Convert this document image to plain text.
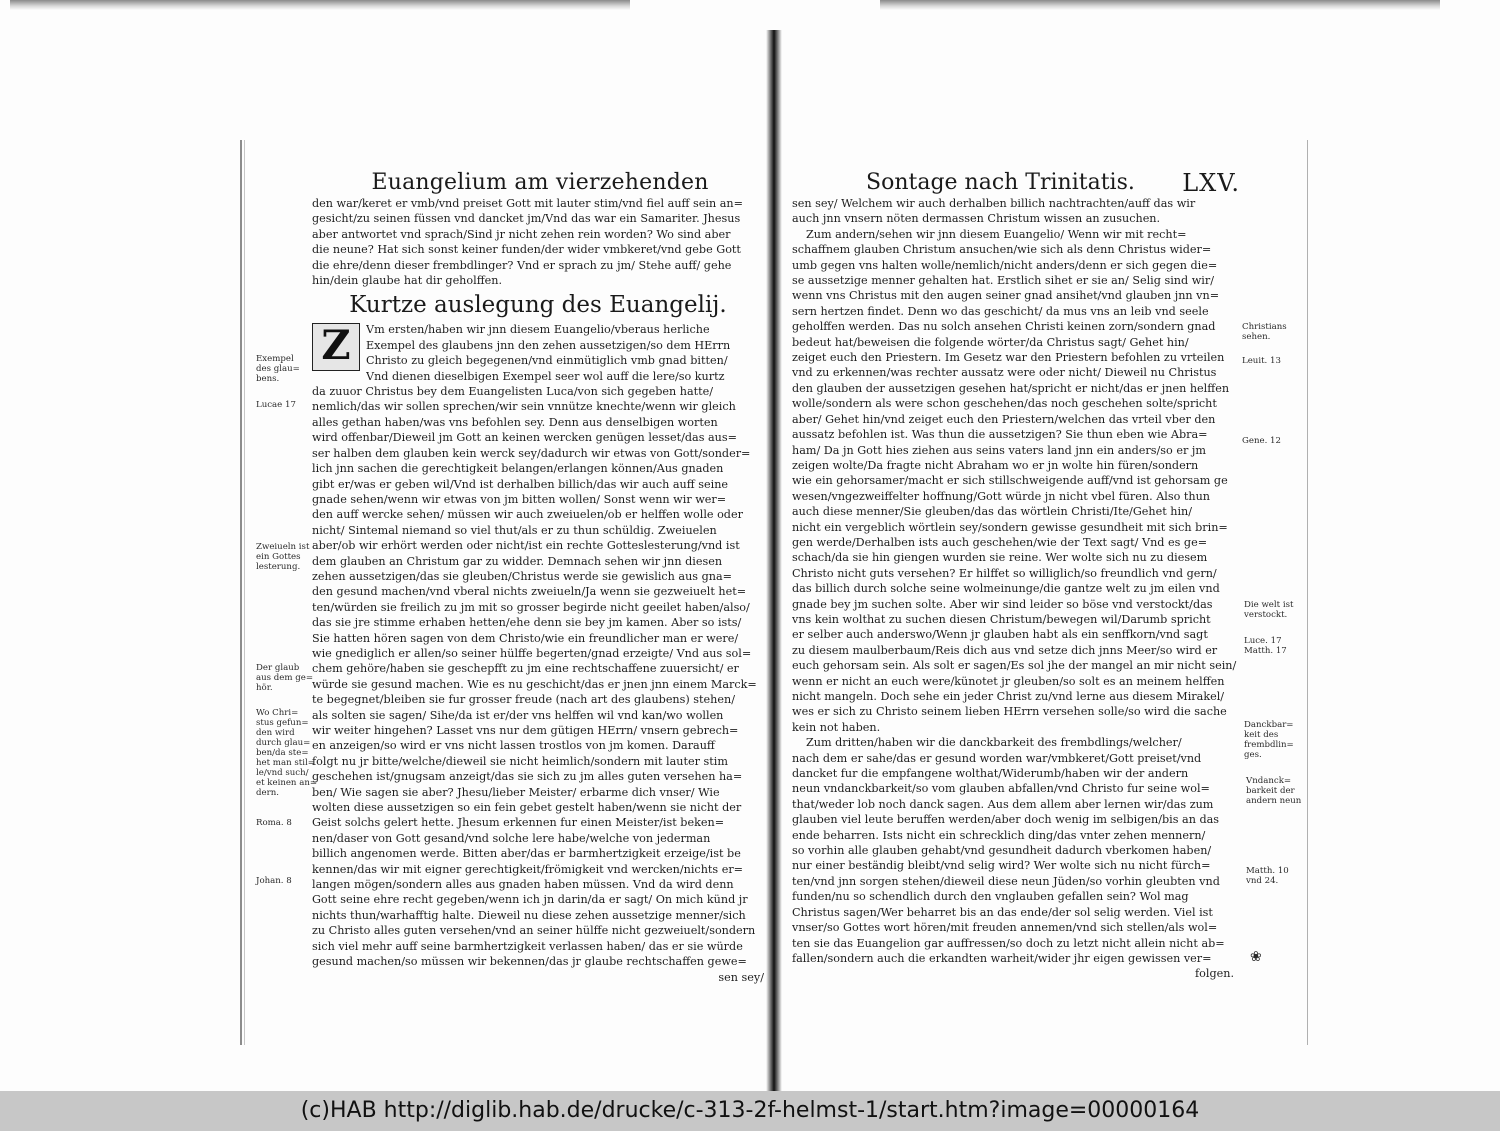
Euangelium am vierzehenden
den war/keret er vmb/vnd preiset Gott mit lauter stim/vnd fiel auff sein an=
gesicht/zu seinen füssen vnd dancket jm/Vnd das war ein Samariter. Jhesus
aber antwortet vnd sprach/Sind jr nicht zehen rein worden? Wo sind aber
die neune? Hat sich sonst keiner funden/der wider vmbkeret/vnd gebe Gott
die ehre/denn dieser frembdlinger? Vnd er sprach zu jm/ Stehe auff/ gehe
hin/dein glaube hat dir geholffen.
Kurtze auslegung des Euangelij.
Z	Vm ersten/haben wir jnn diesem Euangelio/vberaus herliche
Exempel des glaubens jnn den zehen aussetzigen/so dem HErrn
Christo zu gleich begegenen/vnd einmütiglich vmb gnad bitten/
Vnd dienen dieselbigen Exempel seer wol auff die lere/so kurtz
da zuuor Christus bey dem Euangelisten Luca/von sich gegeben hatte/
nemlich/das wir sollen sprechen/wir sein vnnütze knechte/wenn wir gleich
alles gethan haben/was vns befohlen sey. Denn aus denselbigen worten
wird offenbar/Dieweil jm Gott an keinen wercken genügen lesset/das aus=
ser halben dem glauben kein werck sey/dadurch wir etwas von Gott/sonder=
lich jnn sachen die gerechtigkeit belangen/erlangen können/Aus gnaden
gibt er/was er geben wil/Vnd ist derhalben billich/das wir auch auff seine
gnade sehen/wenn wir etwas von jm bitten wollen/ Sonst wenn wir wer=
den auff wercke sehen/ müssen wir auch zweiuelen/ob er helffen wolle oder
nicht/ Sintemal niemand so viel thut/als er zu thun schüldig. Zweiuelen
aber/ob wir erhört werden oder nicht/ist ein rechte Gotteslesterung/vnd ist
dem glauben an Christum gar zu widder. Demnach sehen wir jnn diesen
zehen aussetzigen/das sie gleuben/Christus werde sie gewislich aus gna=
den gesund machen/vnd vberal nichts zweiueln/Ja wenn sie gezweiuelt het=
ten/würden sie freilich zu jm mit so grosser begirde nicht geeilet haben/also/
das sie jre stimme erhaben hetten/ehe denn sie bey jm kamen. Aber so ists/
Sie hatten hören sagen von dem Christo/wie ein freundlicher man er were/
wie gnediglich er allen/so seiner hülffe begerten/gnad erzeigte/ Vnd aus sol=
chem gehöre/haben sie geschepfft zu jm eine rechtschaffene zuuersicht/ er
würde sie gesund machen. Wie es nu geschicht/das er jnen jnn einem Marck=
te begegnet/bleiben sie fur grosser freude (nach art des glaubens) stehen/
als solten sie sagen/ Sihe/da ist er/der vns helffen wil vnd kan/wo wollen
wir weiter hingehen? Lasset vns nur dem gütigen HErrn/ vnsern gebrech=
en anzeigen/so wird er vns nicht lassen trostlos von jm komen. Darauff
folgt nu jr bitte/welche/dieweil sie nicht heimlich/sondern mit lauter stim
geschehen ist/gnugsam anzeigt/das sie sich zu jm alles guten versehen ha=
ben/ Wie sagen sie aber? Jhesu/lieber Meister/ erbarme dich vnser/ Wie
wolten diese aussetzigen so ein fein gebet gestelt haben/wenn sie nicht der
Geist solchs gelert hette. Jhesum erkennen fur einen Meister/ist beken=
nen/daser von Gott gesand/vnd solche lere habe/welche von jederman
billich angenomen werde. Bitten aber/das er barmhertzigkeit erzeige/ist be
kennen/das wir mit eigner gerechtigkeit/frömigkeit vnd wercken/nichts er=
langen mögen/sondern alles aus gnaden haben müssen. Vnd da wird denn
Gott seine ehre recht gegeben/wenn ich jn darin/da er sagt/ On mich künd jr
nichts thun/warhafftig halte. Dieweil nu diese zehen aussetzige menner/sich
zu Christo alles guten versehen/vnd an seiner hülffe nicht gezweiuelt/sondern
sich viel mehr auff seine barmhertzigkeit verlassen haben/ das er sie würde
gesund machen/so müssen wir bekennen/das jr glaube rechtschaffen gewe=
sen sey/
Exempel
des glau=
bens.
Lucae 17
Zweiueln ist
ein Gottes
lesterung.
Der glaub
aus dem ge=
hör.
Wo Chri=
stus gefun=
den wird
durch glau=
ben/da ste=
het man stil=
le/vnd such/
et keinen an=
dern.
Roma. 8
Johan. 8
Sontage nach Trinitatis. LXV.
sen sey/ Welchem wir auch derhalben billich nachtrachten/auff das wir
auch jnn vnsern nöten dermassen Christum wissen an zusuchen.
Zum andern/sehen wir jnn diesem Euangelio/ Wenn wir mit recht=
schaffnem glauben Christum ansuchen/wie sich als denn Christus wider=
umb gegen vns halten wolle/nemlich/nicht anders/denn er sich gegen die=
se aussetzige menner gehalten hat. Erstlich sihet er sie an/ Selig sind wir/
wenn vns Christus mit den augen seiner gnad ansihet/vnd glauben jnn vn=
sern hertzen findet. Denn wo das geschicht/ da mus vns an leib vnd seele
geholffen werden. Das nu solch ansehen Christi keinen zorn/sondern gnad
bedeut hat/beweisen die folgende wörter/da Christus sagt/ Gehet hin/
zeiget euch den Priestern. Im Gesetz war den Priestern befohlen zu vrteilen
vnd zu erkennen/was rechter aussatz were oder nicht/ Dieweil nu Christus
den glauben der aussetzigen gesehen hat/spricht er nicht/das er jnen helffen
wolle/sondern als were schon geschehen/das noch geschehen solte/spricht
aber/ Gehet hin/vnd zeiget euch den Priestern/welchen das vrteil vber den
aussatz befohlen ist. Was thun die aussetzigen? Sie thun eben wie Abra=
ham/ Da jn Gott hies ziehen aus seins vaters land jnn ein anders/so er jm
zeigen wolte/Da fragte nicht Abraham wo er jn wolte hin füren/sondern
wie ein gehorsamer/macht er sich stillschweigende auff/vnd ist gehorsam ge
wesen/vngezweiffelter hoffnung/Gott würde jn nicht vbel füren. Also thun
auch diese menner/Sie gleuben/das das wörtlein Christi/Ite/Gehet hin/
nicht ein vergeblich wörtlein sey/sondern gewisse gesundheit mit sich brin=
gen werde/Derhalben ists auch geschehen/wie der Text sagt/ Vnd es ge=
schach/da sie hin giengen wurden sie reine. Wer wolte sich nu zu diesem
Christo nicht guts versehen? Er hilffet so williglich/so freundlich vnd gern/
das billich durch solche seine wolmeinunge/die gantze welt zu jm eilen vnd
gnade bey jm suchen solte. Aber wir sind leider so böse vnd verstockt/das
vns kein wolthat zu suchen diesen Christum/bewegen wil/Darumb spricht
er selber auch anderswo/Wenn jr glauben habt als ein senffkorn/vnd sagt
zu diesem maulberbaum/Reis dich aus vnd setze dich jnns Meer/so wird er
euch gehorsam sein. Als solt er sagen/Es sol jhe der mangel an mir nicht sein/
wenn er nicht an euch were/künotet jr gleuben/so solt es an meinem helffen
nicht mangeln. Doch sehe ein jeder Christ zu/vnd lerne aus diesem Mirakel/
wes er sich zu Christo seinem lieben HErrn versehen solle/so wird die sache
kein not haben.
Zum dritten/haben wir die danckbarkeit des frembdlings/welcher/
nach dem er sahe/das er gesund worden war/vmbkeret/Gott preiset/vnd
dancket fur die empfangene wolthat/Widerumb/haben wir der andern
neun vndanckbarkeit/so vom glauben abfallen/vnd Christo fur seine wol=
that/weder lob noch danck sagen. Aus dem allem aber lernen wir/das zum
glauben viel leute beruffen werden/aber doch wenig im selbigen/bis an das
ende beharren. Ists nicht ein schrecklich ding/das vnter zehen mennern/
so vorhin alle glauben gehabt/vnd gesundheit dadurch vberkomen haben/
nur einer beständig bleibt/vnd selig wird? Wer wolte sich nu nicht fürch=
ten/vnd jnn sorgen stehen/dieweil diese neun Jüden/so vorhin gleubten vnd
funden/nu so schendlich durch den vnglauben gefallen sein? Wol mag
Christus sagen/Wer beharret bis an das ende/der sol selig werden. Viel ist
vnser/so Gottes wort hören/mit freuden annemen/vnd sich stellen/als wol=
ten sie das Euangelion gar auffressen/so doch zu letzt nicht allein nicht ab=
fallen/sondern auch die erkandten warheit/wider jhr eigen gewissen ver=
folgen.
Christians
sehen.
Leuit. 13
Gene. 12
Die welt ist
verstockt.
Luce. 17
Matth. 17
Danckbar=
keit des
frembdlin=
ges.
Vndanck=
barkeit der
andern neun
Matth. 10
vnd 24.
❀
(c)HAB http://diglib.hab.de/drucke/c-313-2f-helmst-1/start.htm?image=00000164
